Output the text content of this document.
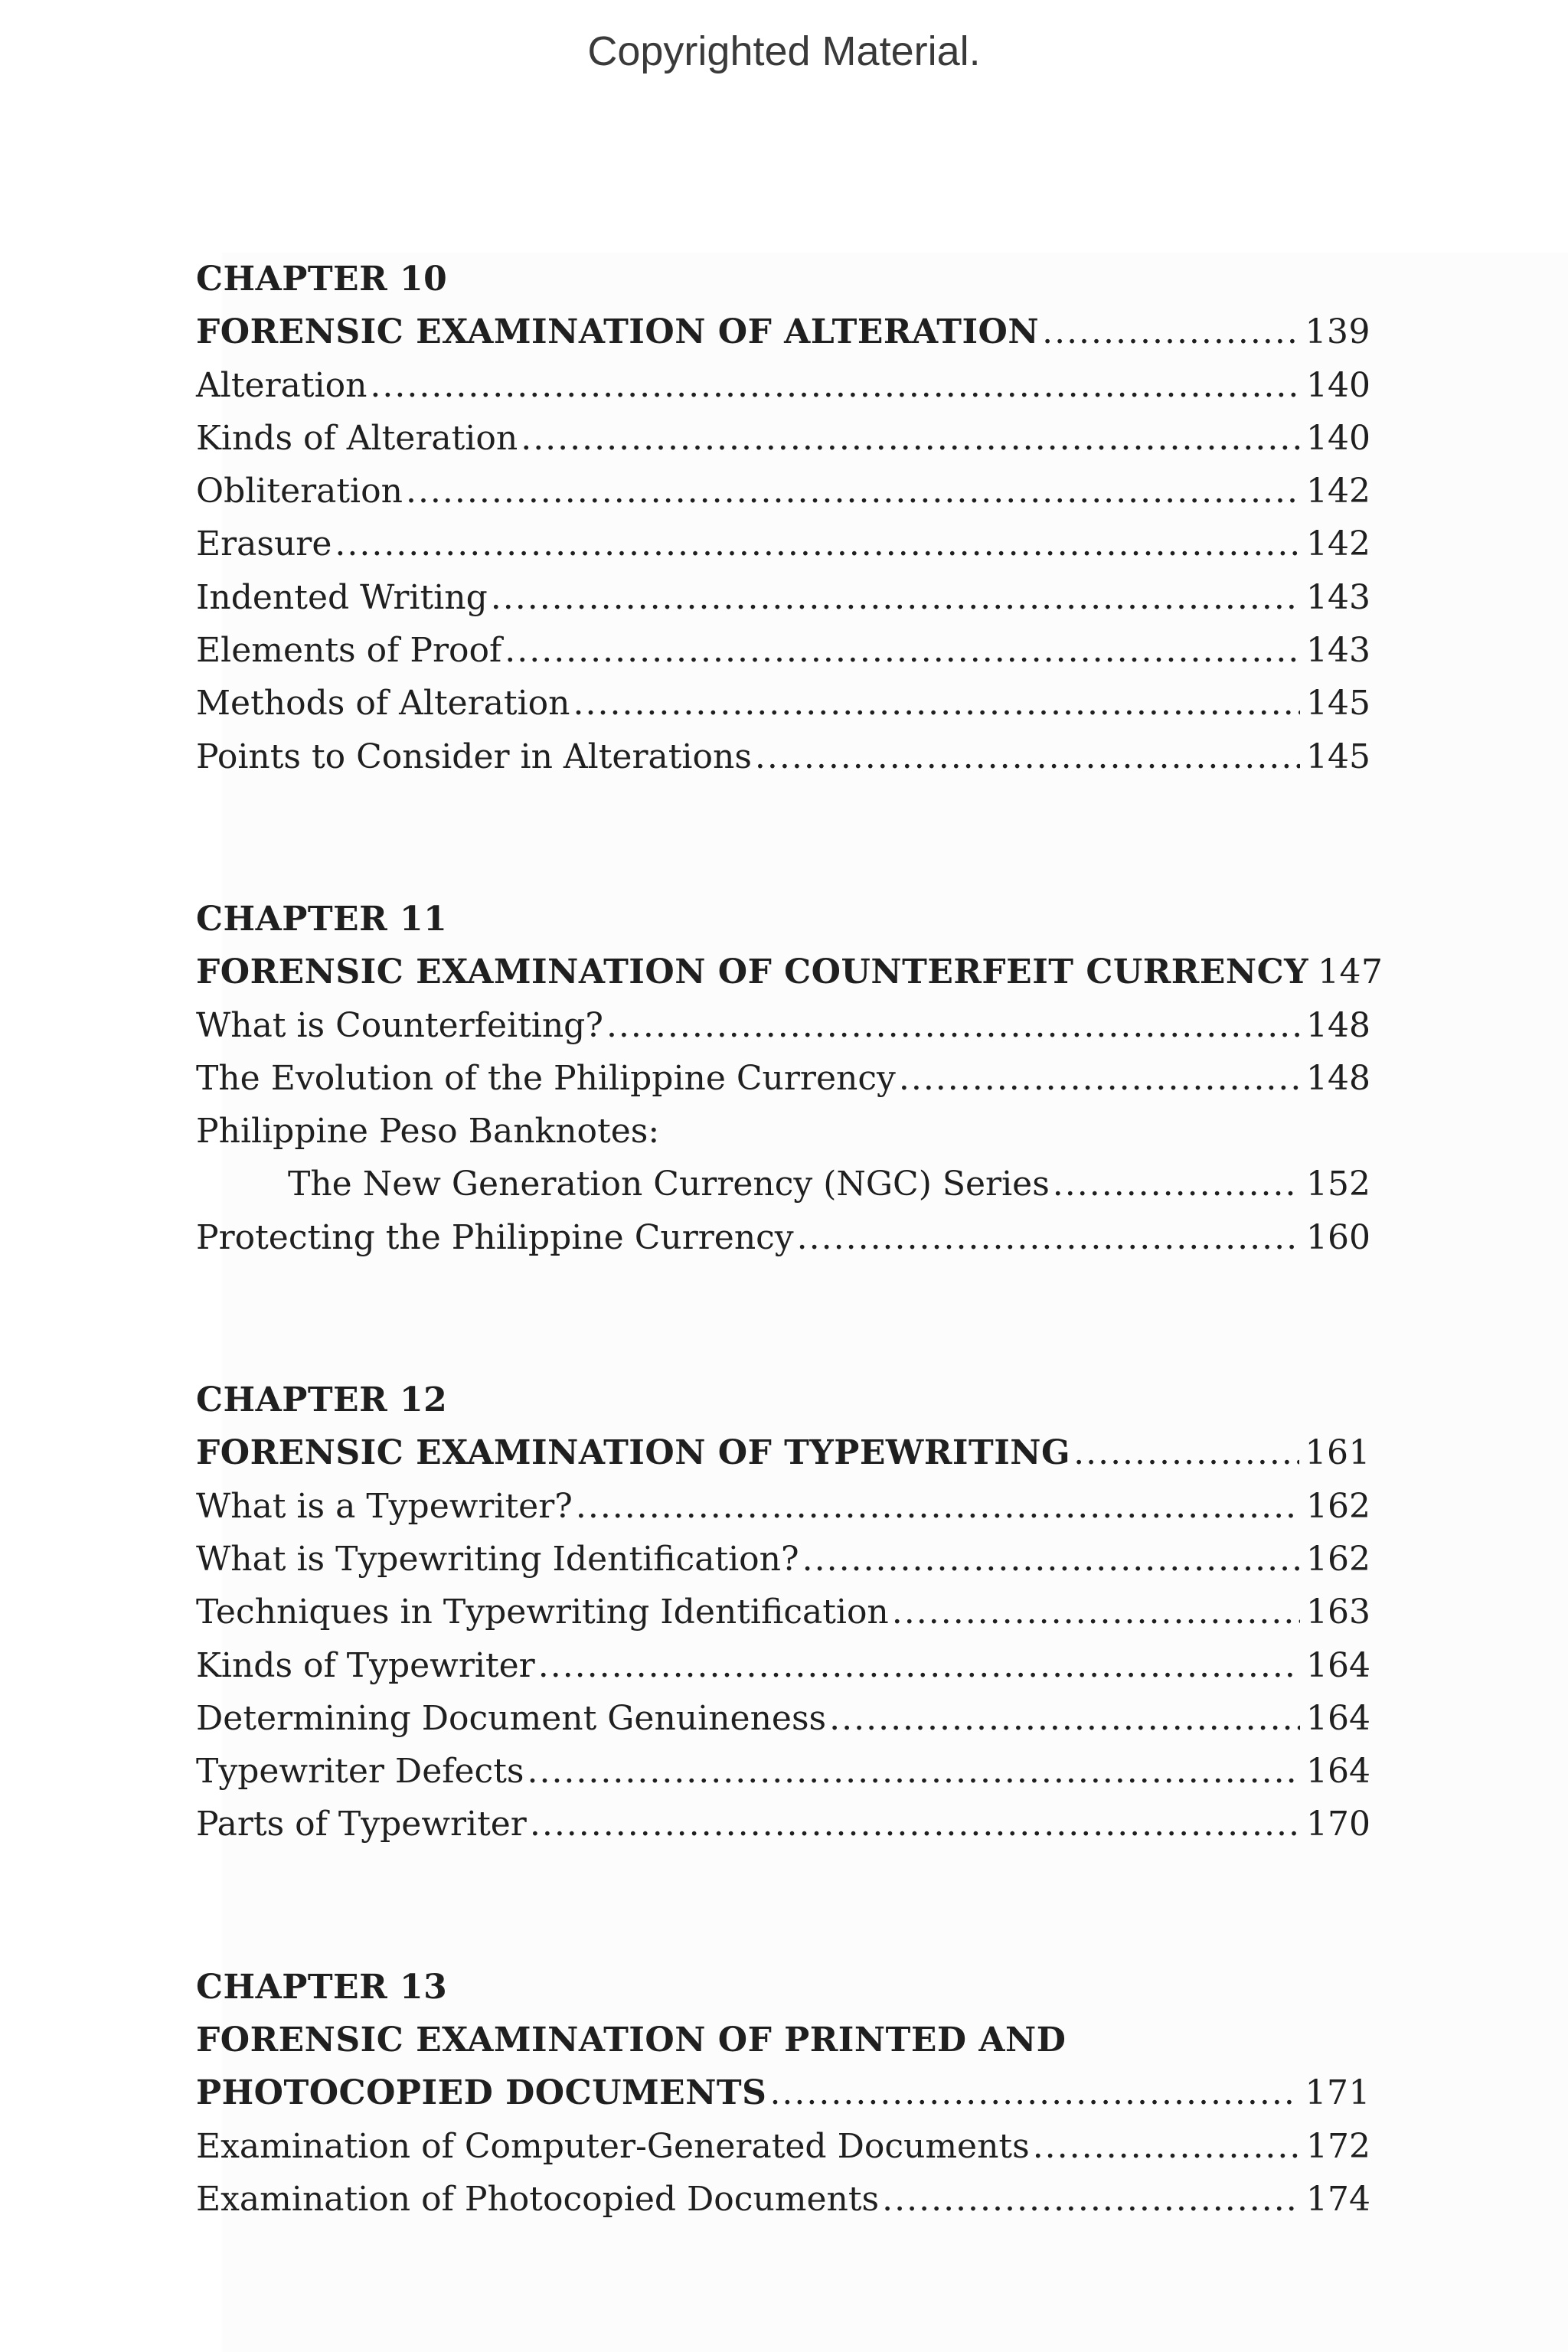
Copyrighted Material.
CHAPTER 10
FORENSIC EXAMINATION OF ALTERATION .....	139
Alteration .....	140
Kinds of Alteration .....	140
Obliteration .....	142
Erasure .....	142
Indented Writing .....	143
Elements of Proof .....	143
Methods of Alteration .....	145
Points to Consider in Alterations .....	145
CHAPTER 11
FORENSIC EXAMINATION OF COUNTERFEIT CURRENCY 147
What is Counterfeiting? .....	148
The Evolution of the Philippine Currency .....	148
Philippine Peso Banknotes:
The New Generation Currency (NGC) Series .....	152
Protecting the Philippine Currency .....	160
CHAPTER 12
FORENSIC EXAMINATION OF TYPEWRITING .....	161
What is a Typewriter? .....	162
What is Typewriting Identification? .....	162
Techniques in Typewriting Identification .....	163
Kinds of Typewriter .....	164
Determining Document Genuineness .....	164
Typewriter Defects .....	164
Parts of Typewriter .....	170
CHAPTER 13
FORENSIC EXAMINATION OF PRINTED AND
PHOTOCOPIED DOCUMENTS .....	171
Examination of Computer-Generated Documents .....	172
Examination of Photocopied Documents .....	174
